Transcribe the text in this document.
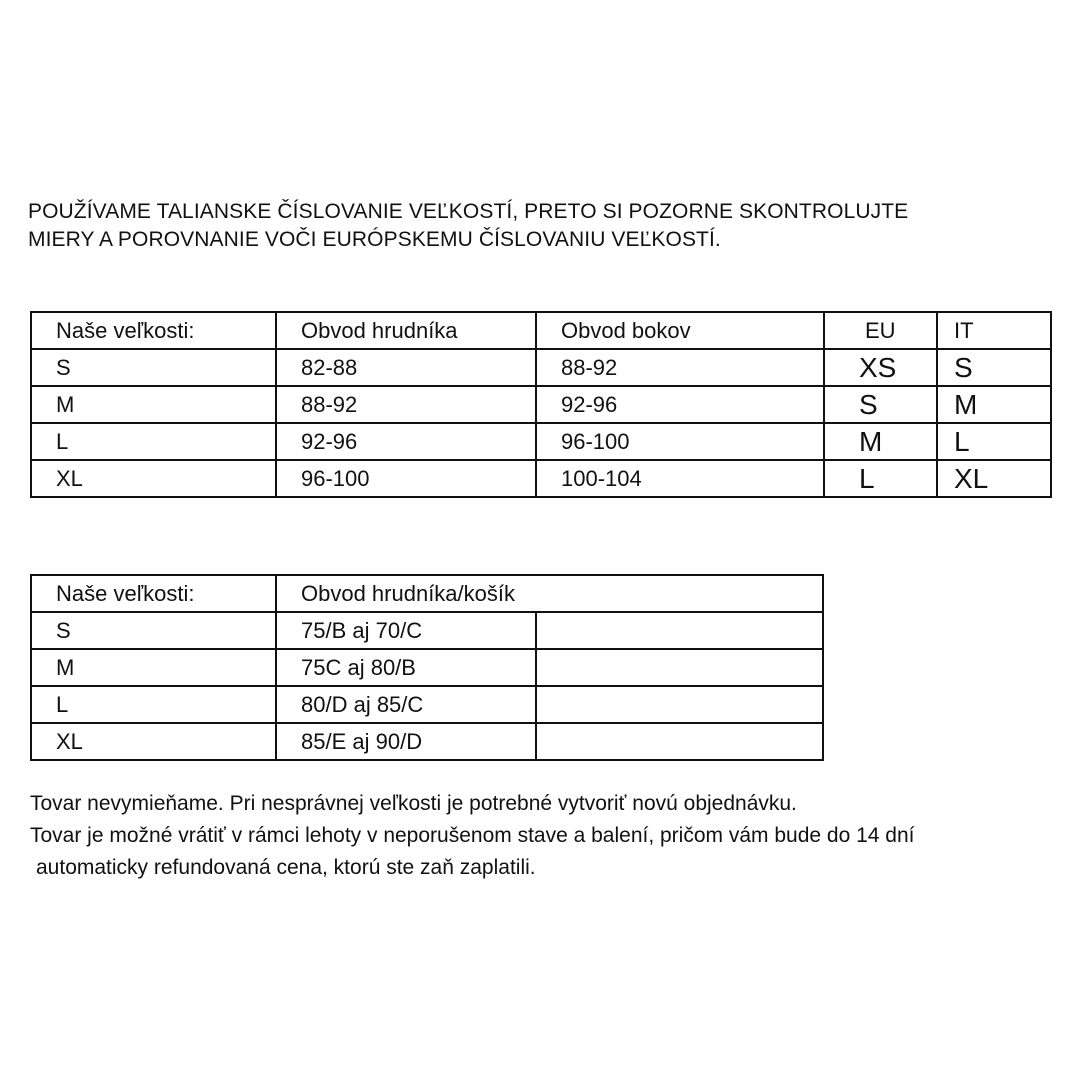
POUŽÍVAME TALIANSKE ČÍSLOVANIE VEĽKOSTÍ, PRETO SI POZORNE SKONTROLUJTE
MIERY A POROVNANIE VOČI EURÓPSKEMU ČÍSLOVANIU VEĽKOSTÍ.
Naše veľkosti:	Obvod hrudníka	Obvod bokov	EU	IT
S	82-88	88-92	XS	S
M	88-92	92-96	S	M
L	92-96	96-100	M	L
XL	96-100	100-104	L	XL
Naše veľkosti:	Obvod hrudníka/košík	
S	75/B aj 70/C	
M	75C aj 80/B	
L	80/D aj 85/C	
XL	85/E aj 90/D	
Tovar nevymieňame. Pri nesprávnej veľkosti je potrebné vytvoriť novú objednávku.
Tovar je možné vrátiť v rámci lehoty v neporušenom stave a balení, pričom vám bude do 14 dní
automaticky refundovaná cena, ktorú ste zaň zaplatili.
